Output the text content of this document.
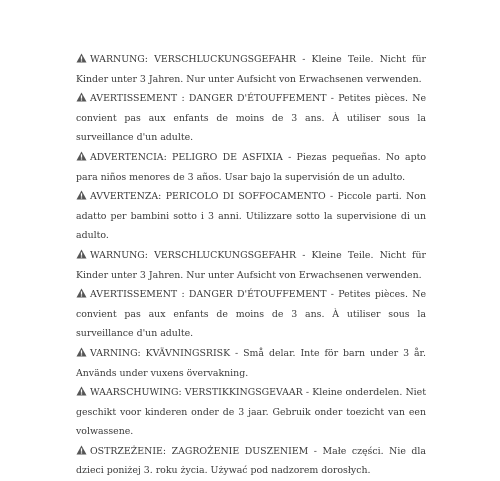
WARNUNG: VERSCHLUCKUNGSGEFAHR - Kleine Teile. Nicht für Kinder unter 3 Jahren. Nur unter Aufsicht von Erwachsenen verwenden.

AVERTISSEMENT : DANGER D'ÉTOUFFEMENT - Petites pièces. Ne convient pas aux enfants de moins de 3 ans. À utiliser sous la surveillance d'un adulte.

ADVERTENCIA: PELIGRO DE ASFIXIA - Piezas pequeñas. No apto para niños menores de 3 años. Usar bajo la supervisión de un adulto.

AVVERTENZA: PERICOLO DI SOFFOCAMENTO - Piccole parti. Non adatto per bambini sotto i 3 anni. Utilizzare sotto la supervisione di un adulto.

WARNUNG: VERSCHLUCKUNGSGEFAHR - Kleine Teile. Nicht für Kinder unter 3 Jahren. Nur unter Aufsicht von Erwachsenen verwenden.

AVERTISSEMENT : DANGER D'ÉTOUFFEMENT - Petites pièces. Ne convient pas aux enfants de moins de 3 ans. À utiliser sous la surveillance d'un adulte.

VARNING: KVÄVNINGSRISK - Små delar. Inte för barn under 3 år. Används under vuxens övervakning.

WAARSCHUWING: VERSTIKKINGSGEVAAR - Kleine onderdelen. Niet geschikt voor kinderen onder de 3 jaar. Gebruik onder toezicht van een volwassene.

OSTRZEŻENIE: ZAGROŻENIE DUSZENIEM - Małe części. Nie dla dzieci poniżej 3. roku życia. Używać pod nadzorem dorosłych.
